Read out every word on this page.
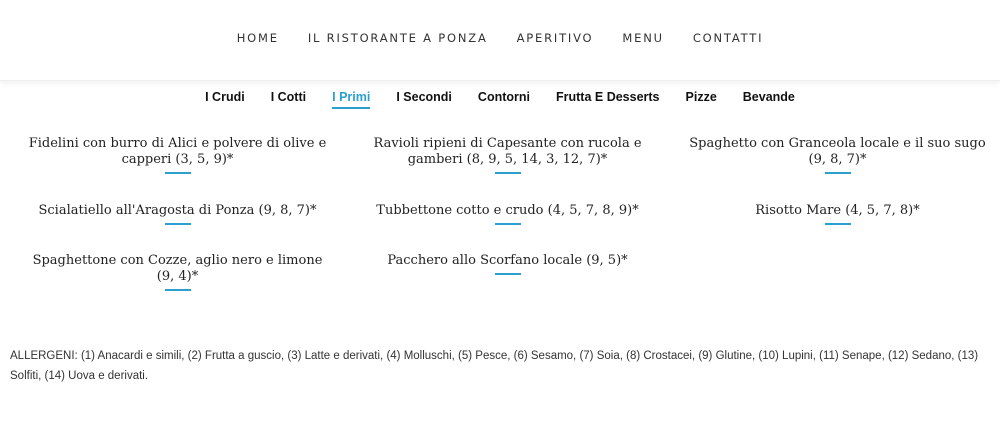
HOME	IL RISTORANTE A PONZA	APERITIVO	MENU	CONTATTI
I Crudi I Cotti I Primi I Secondi Contorni Frutta E Desserts Pizze Bevande
Fidelini con burro di Alici e polvere di olive e capperi (3, 5, 9)*
Ravioli ripieni di Capesante con rucola e gamberi (8, 9, 5, 14, 3, 12, 7)*
Spaghetto con Granceola locale e il suo sugo (9, 8, 7)*
Scialatiello all'Aragosta di Ponza (9, 8, 7)*	Tubbettone cotto e crudo (4, 5, 7, 8, 9)*	Risotto Mare (4, 5, 7, 8)*
Spaghettone con Cozze, aglio nero e limone (9, 4)*
Pacchero allo Scorfano locale (9, 5)*

ALLERGENI: (1) Anacardi e simili, (2) Frutta a guscio, (3) Latte e derivati, (4) Molluschi, (5) Pesce, (6) Sesamo, (7) Soia, (8) Crostacei, (9) Glutine, (10) Lupini, (11) Senape, (12) Sedano, (13) Solfiti, (14) Uova e derivati.
